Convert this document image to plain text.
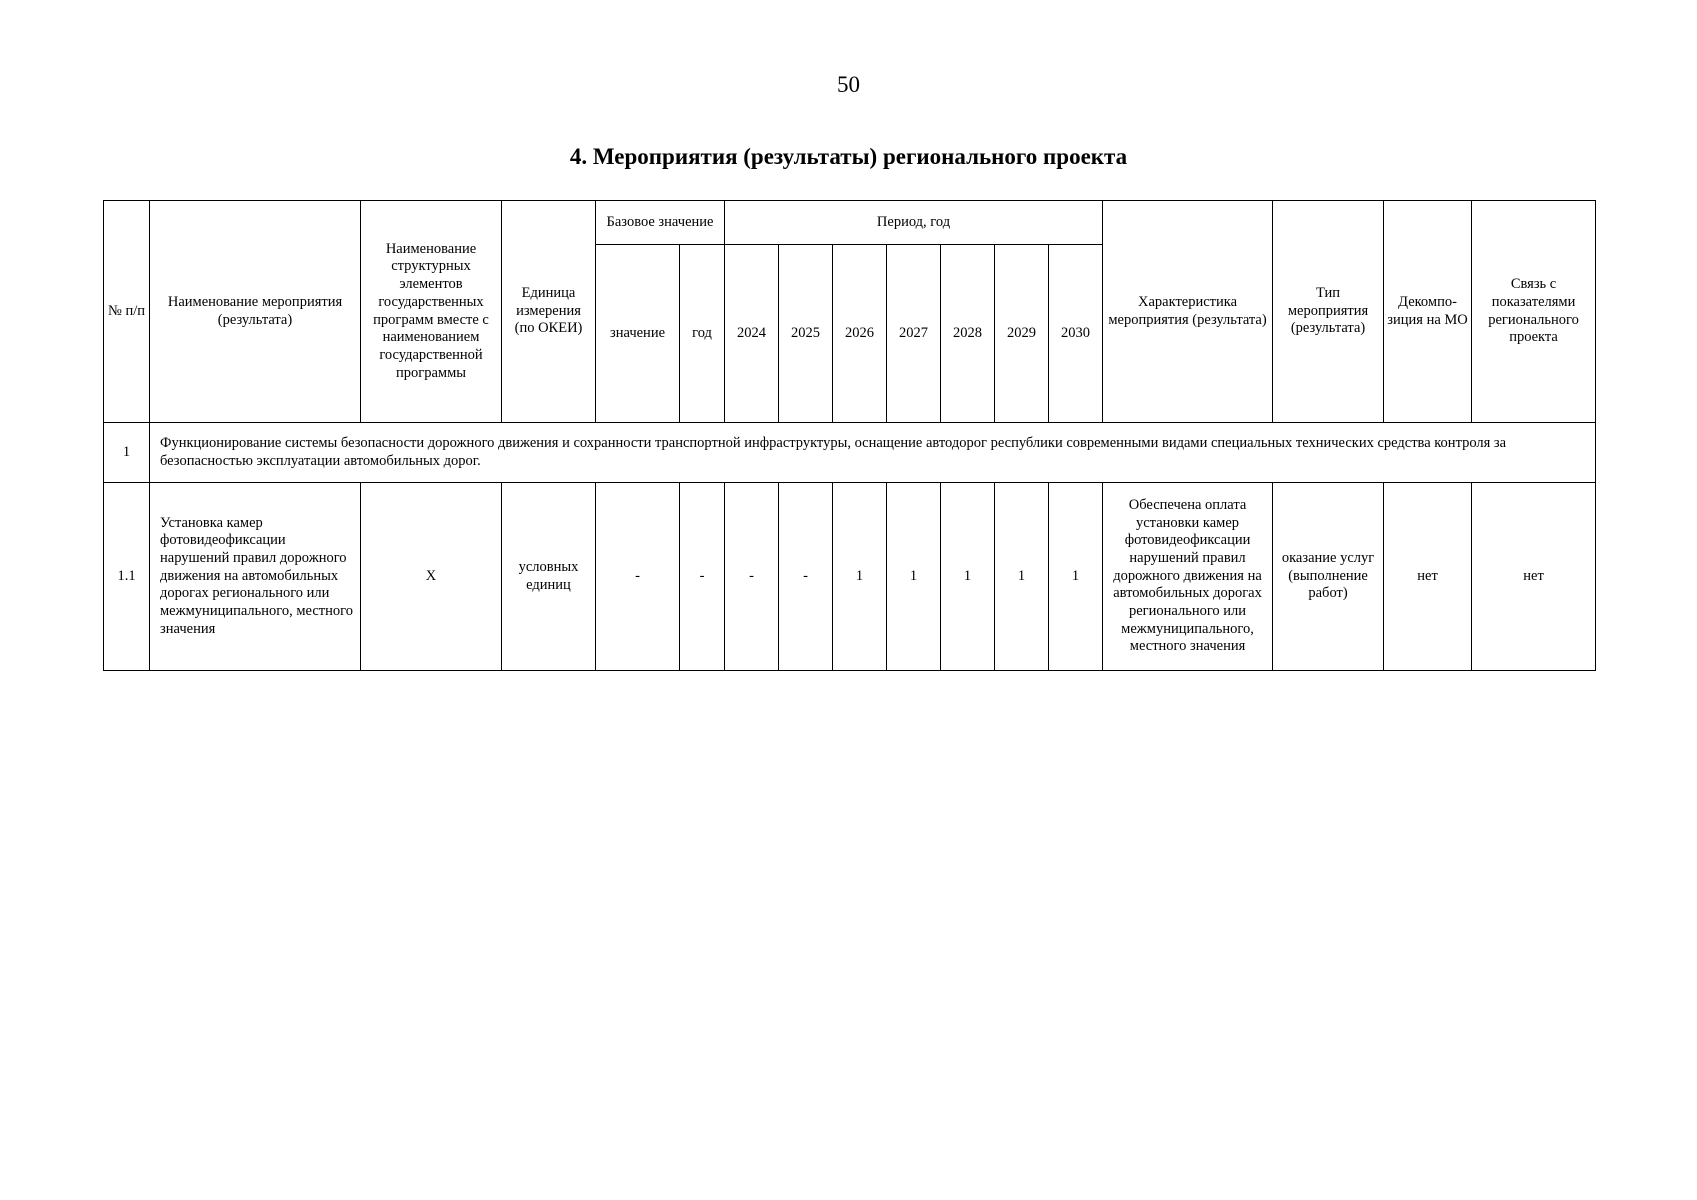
50
4. Мероприятия (результаты) регионального проекта
№ п/п	Наименование мероприятия (результата)	Наименование структурных элементов государственных программ вместе с наименованием государственной программы	Единица измерения (по ОКЕИ)	Базовое значение		Период, год							Характеристика мероприятия (результата)	Тип мероприятия (результата)	Декомпо-зиция на МО	Связь с показателями регионального проекта
				значение	год	2024	2025	2026	2027	2028	2029	2030				
1	Функционирование системы безопасности дорожного движения и сохранности транспортной инфраструктуры, оснащение автодорог республики современными видами специальных технических средства контроля за безопасностью эксплуатации автомобильных дорог.															
1.1	Установка камер фотовидеофиксации нарушений правил дорожного движения на автомобильных дорогах регионального или межмуниципального, местного значения	X	условных единиц	-	-	-	-	1	1	1	1	1	Обеспечена оплата установки камер фотовидеофиксации нарушений правил дорожного движения на автомобильных дорогах регионального или межмуниципального, местного значения	оказание услуг (выполнение работ)	нет	нет
